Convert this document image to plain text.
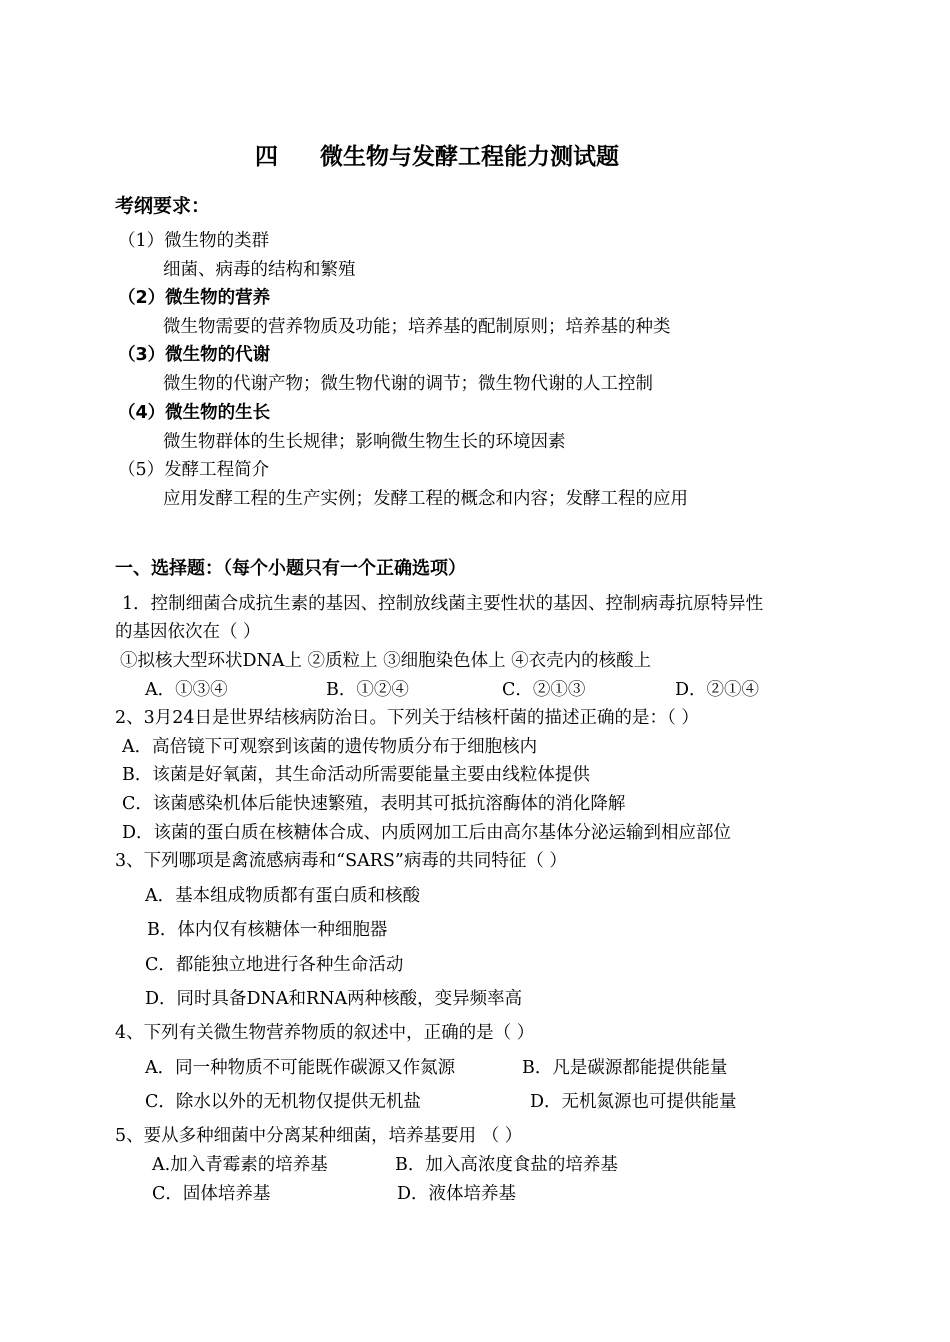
四 微生物与发酵工程能力测试题
考纲要求：
（1）微生物的类群
细菌、病毒的结构和繁殖
（2）微生物的营养
微生物需要的营养物质及功能；培养基的配制原则；培养基的种类
（3）微生物的代谢
微生物的代谢产物；微生物代谢的调节；微生物代谢的人工控制
（4）微生物的生长
微生物群体的生长规律；影响微生物生长的环境因素
（5）发酵工程简介
应用发酵工程的生产实例；发酵工程的概念和内容；发酵工程的应用
一、选择题：（每个小题只有一个正确选项）
1．控制细菌合成抗生素的基因、控制放线菌主要性状的基因、控制病毒抗原特异性
的基因依次在（ ）
①拟核大型环状DNA上 ②质粒上 ③细胞染色体上 ④衣壳内的核酸上
A．①③④	B．①②④	C．②①③	D．②①④
2、3月24日是世界结核病防治日。下列关于结核杆菌的描述正确的是：（ ）
A．高倍镜下可观察到该菌的遗传物质分布于细胞核内
B．该菌是好氧菌，其生命活动所需要能量主要由线粒体提供
C．该菌感染机体后能快速繁殖，表明其可抵抗溶酶体的消化降解
D．该菌的蛋白质在核糖体合成、内质网加工后由高尔基体分泌运输到相应部位
3、下列哪项是禽流感病毒和“SARS”病毒的共同特征（ ）
A．基本组成物质都有蛋白质和核酸
B．体内仅有核糖体一种细胞器
C．都能独立地进行各种生命活动
D．同时具备DNA和RNA两种核酸，变异频率高
4、下列有关微生物营养物质的叙述中，正确的是（ ）
A．同一种物质不可能既作碳源又作氮源	B．凡是碳源都能提供能量
C．除水以外的无机物仅提供无机盐	D．无机氮源也可提供能量
5、要从多种细菌中分离某种细菌，培养基要用 （ ）
A.加入青霉素的培养基	B．加入高浓度食盐的培养基
C．固体培养基	D．液体培养基
